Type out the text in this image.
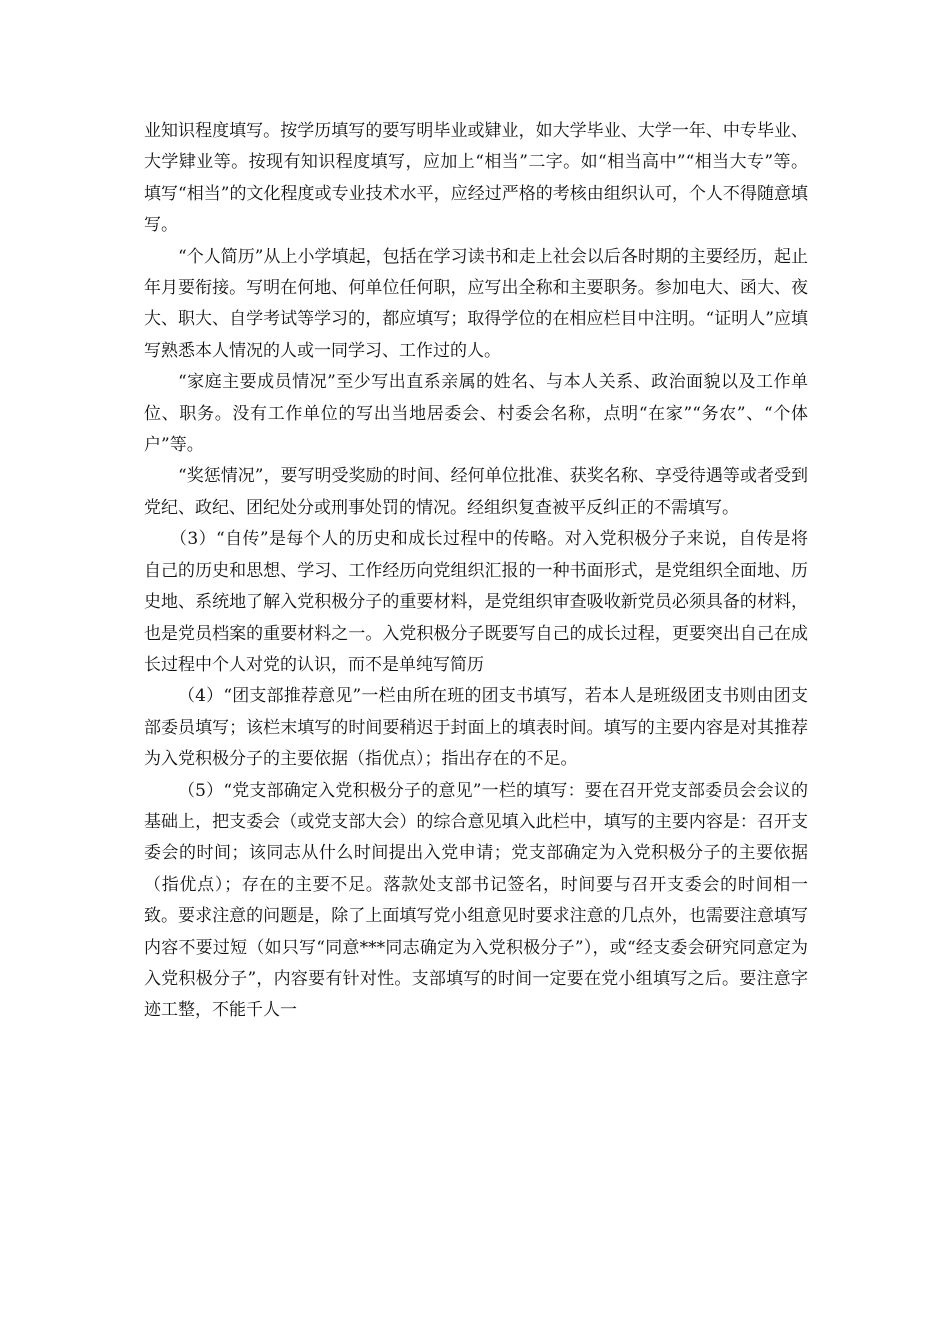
业知识程度填写。按学历填写的要写明毕业或肄业，如大学毕业、大学一年、中专毕业、大学肄业等。按现有知识程度填写，应加上“相当”二字。如“相当高中”“相当大专”等。填写“相当”的文化程度或专业技术水平，应经过严格的考核由组织认可，个人不得随意填写。

“个人简历”从上小学填起，包括在学习读书和走上社会以后各时期的主要经历，起止年月要衔接。写明在何地、何单位任何职，应写出全称和主要职务。参加电大、函大、夜大、职大、自学考试等学习的，都应填写；取得学位的在相应栏目中注明。“证明人”应填写熟悉本人情况的人或一同学习、工作过的人。

“家庭主要成员情况”至少写出直系亲属的姓名、与本人关系、政治面貌以及工作单位、职务。没有工作单位的写出当地居委会、村委会名称，点明“在家”“务农”、“个体户”等。

“奖惩情况”，要写明受奖励的时间、经何单位批准、获奖名称、享受待遇等或者受到党纪、政纪、团纪处分或刑事处罚的情况。经组织复查被平反纠正的不需填写。

（3）“自传”是每个人的历史和成长过程中的传略。对入党积极分子来说，自传是将自己的历史和思想、学习、工作经历向党组织汇报的一种书面形式，是党组织全面地、历史地、系统地了解入党积极分子的重要材料，是党组织审查吸收新党员必须具备的材料，也是党员档案的重要材料之一。入党积极分子既要写自己的成长过程，更要突出自己在成长过程中个人对党的认识，而不是单纯写简历

（4）“团支部推荐意见”一栏由所在班的团支书填写，若本人是班级团支书则由团支部委员填写；该栏末填写的时间要稍迟于封面上的填表时间。填写的主要内容是对其推荐为入党积极分子的主要依据（指优点）；指出存在的不足。

（5）“党支部确定入党积极分子的意见”一栏的填写：要在召开党支部委员会会议的基础上，把支委会（或党支部大会）的综合意见填入此栏中，填写的主要内容是：召开支委会的时间；该同志从什么时间提出入党申请；党支部确定为入党积极分子的主要依据（指优点）；存在的主要不足。落款处支部书记签名，时间要与召开支委会的时间相一致。要求注意的问题是，除了上面填写党小组意见时要求注意的几点外，也需要注意填写内容不要过短（如只写“同意***同志确定为入党积极分子”），或“经支委会研究同意定为入党积极分子”，内容要有针对性。支部填写的时间一定要在党小组填写之后。要注意字迹工整，不能千人一
